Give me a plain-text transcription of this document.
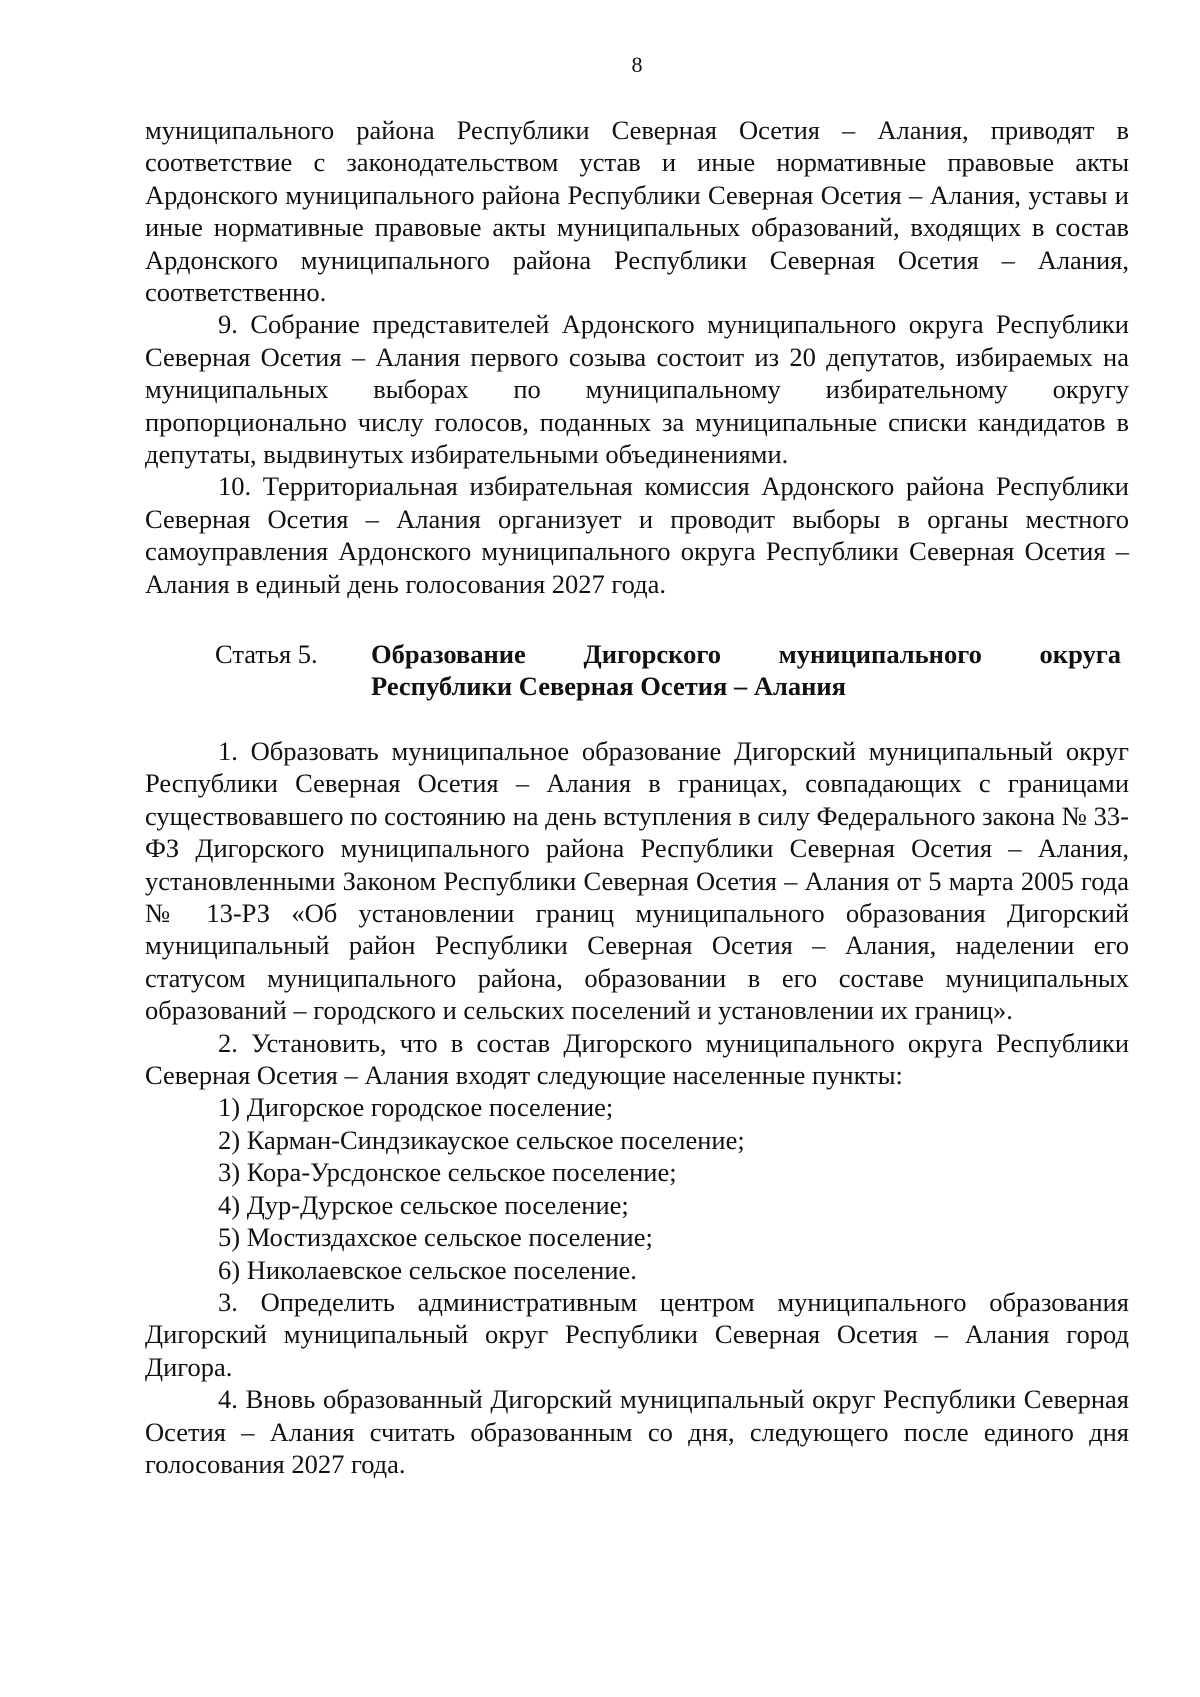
8

муниципального района Республики Северная Осетия – Алания, приводят в соответствие с законодательством устав и иные нормативные правовые акты Ардонского муниципального района Республики Северная Осетия – Алания, уставы и иные нормативные правовые акты муниципальных образований, входящих в состав Ардонского муниципального района Республики Северная Осетия – Алания, соответственно.

9. Собрание представителей Ардонского муниципального округа Республики Северная Осетия – Алания первого созыва состоит из 20 депутатов, избираемых на муниципальных выборах по муниципальному избирательному округу пропорционально числу голосов, поданных за муниципальные списки кандидатов в депутаты, выдвинутых избирательными объединениями.

10. Территориальная избирательная комиссия Ардонского района Республики Северная Осетия – Алания организует и проводит выборы в органы местного самоуправления Ардонского муниципального округа Республики Северная Осетия – Алания в единый день голосования 2027 года.

Статья 5. Образование Дигорского муниципального округа
Республики Северная Осетия – Алания

1. Образовать муниципальное образование Дигорский муниципальный округ Республики Северная Осетия – Алания в границах, совпадающих с границами существовавшего по состоянию на день вступления в силу Федерального закона № 33-ФЗ Дигорского муниципального района Республики Северная Осетия – Алания, установленными Законом Республики Северная Осетия – Алания от 5 марта 2005 года № 13-РЗ «Об установлении границ муниципального образования Дигорский муниципальный район Республики Северная Осетия – Алания, наделении его статусом муниципального района, образовании в его составе муниципальных образований – городского и сельских поселений и установлении их границ».

2. Установить, что в состав Дигорского муниципального округа Республики Северная Осетия – Алания входят следующие населенные пункты:

1) Дигорское городское поселение;

2) Карман-Синдзикауское сельское поселение;

3) Кора-Урсдонское сельское поселение;

4) Дур-Дурское сельское поселение;

5) Мостиздахское сельское поселение;

6) Николаевское сельское поселение.

3. Определить административным центром муниципального образования Дигорский муниципальный округ Республики Северная Осетия – Алания город Дигора.

4. Вновь образованный Дигорский муниципальный округ Республики Северная Осетия – Алания считать образованным со дня, следующего после единого дня голосования 2027 года.
